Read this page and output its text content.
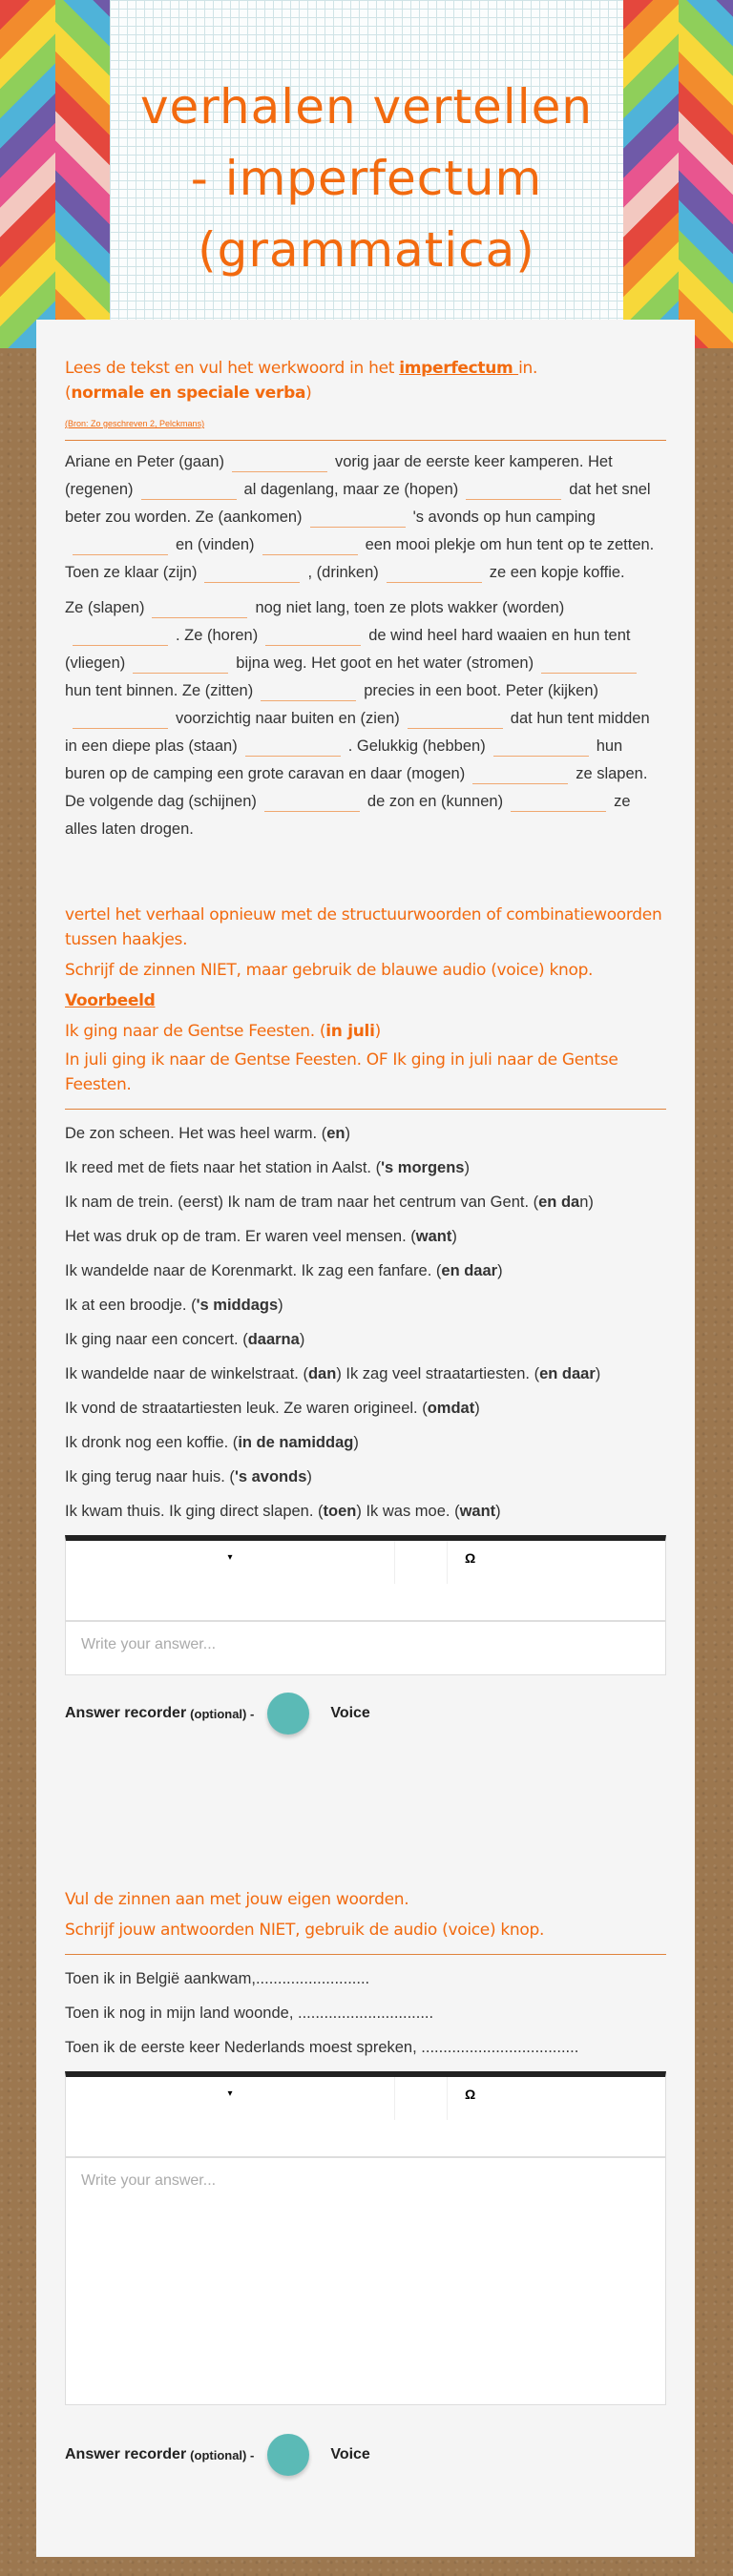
verhalen vertellen - imperfectum (grammatica)
Lees de tekst en vul het werkwoord in het imperfectum in.
(normale en speciale verba)
(Bron: Zo geschreven 2, Pelckmans)

Ariane en Peter (gaan)	vorig jaar de eerste keer kamperen. Het (regenen)	al dagenlang, maar ze (hopen)	dat het snel beter zou worden. Ze (aankomen)	's avonds op hun campingen (vinden)	een mooi plekje om hun tent op te zetten. Toen ze klaar (zijn)	, (drinken)	ze een kopje koffie.

Ze (slapen)	nog niet lang, toen ze plots wakker (worden). Ze (horen)	de wind heel hard waaien en hun tent (vliegen)	bijna weg. Het goot en het water (stromen)hun tent binnen. Ze (zitten)	precies in een boot. Peter (kijken)voorzichtig naar buiten en (zien)	dat hun tent midden in een diepe plas (staan)	. Gelukkig (hebben)	hun buren op de camping een grote caravan en daar (mogen)	ze slapen. De volgende dag (schijnen)	de zon en (kunnen)	ze alles laten drogen.

vertel het verhaal opnieuw met de structuurwoorden of combinatiewoorden tussen haakjes.
Schrijf de zinnen NIET, maar gebruik de blauwe audio (voice) knop.
Voorbeeld
Ik ging naar de Gentse Feesten. (in juli)
In juli ging ik naar de Gentse Feesten. OF Ik ging in juli naar de Gentse Feesten.
De zon scheen. Het was heel warm. (en)
Ik reed met de fiets naar het station in Aalst. ('s morgens)
Ik nam de trein. (eerst) Ik nam de tram naar het centrum van Gent. (en dan)
Het was druk op de tram. Er waren veel mensen. (want)
Ik wandelde naar de Korenmarkt. Ik zag een fanfare. (en daar)
Ik at een broodje. ('s middags)
Ik ging naar een concert. (daarna)
Ik wandelde naar de winkelstraat. (dan) Ik zag veel straatartiesten. (en daar)
Ik vond de straatartiesten leuk. Ze waren origineel. (omdat)
Ik dronk nog een koffie. (in de namiddag)
Ik ging terug naar huis. ('s avonds)
Ik kwam thuis. Ik ging direct slapen. (toen) Ik was moe. (want)
▾	Ω
Write your answer...
Answer recorder (optional) -	Voice
Vul de zinnen aan met jouw eigen woorden.
Schrijf jouw antwoorden NIET, gebruik de audio (voice) knop.
Toen ik in België aankwam,..........................
Toen ik nog in mijn land woonde, ...............................
Toen ik de eerste keer Nederlands moest spreken, ....................................
▾	Ω
Write your answer...
Answer recorder (optional) -	Voice
